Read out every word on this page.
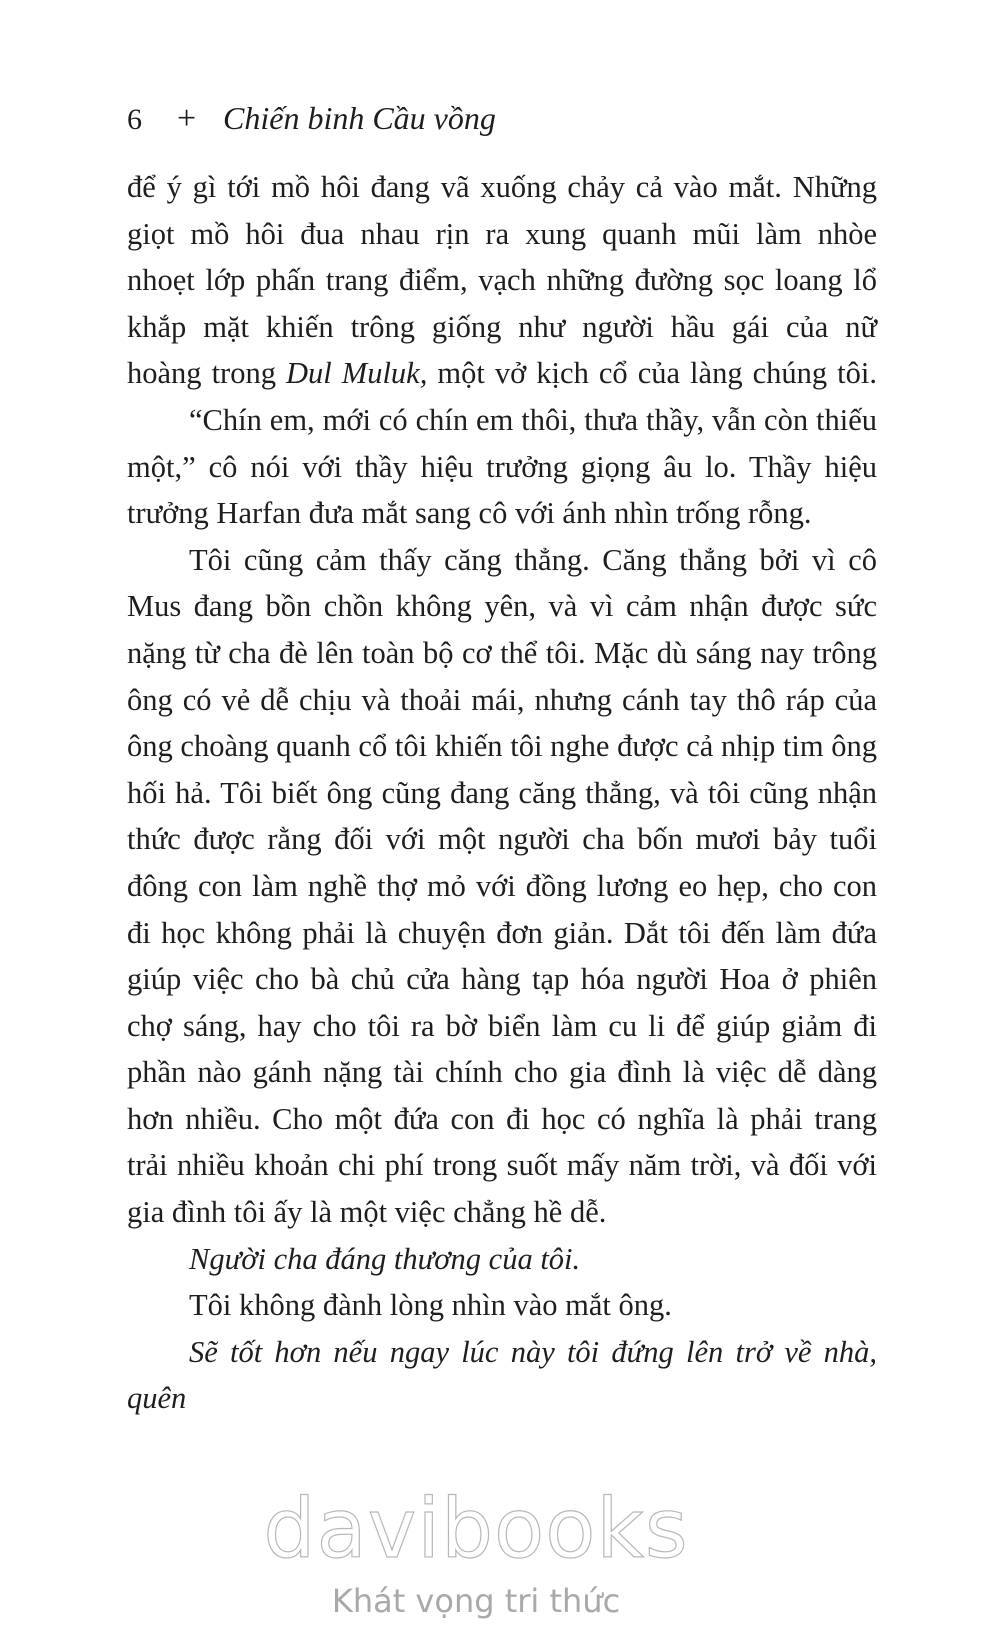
6	+ Chiến binh Cầu vồng

để ý gì tới mồ hôi đang vã xuống chảy cả vào mắt. Những

giọt mồ hôi đua nhau rịn ra xung quanh mũi làm nhòe

nhoẹt lớp phấn trang điểm, vạch những đường sọc loang lổ

khắp mặt khiến trông giống như người hầu gái của nữ

hoàng trong Dul Muluk, một vở kịch cổ của làng chúng tôi.

“Chín em, mới có chín em thôi, thưa thầy, vẫn còn thiếu một,” cô nói với thầy hiệu trưởng giọng âu lo. Thầy hiệu trưởng Harfan đưa mắt sang cô với ánh nhìn trống rỗng.

Tôi cũng cảm thấy căng thẳng. Căng thẳng bởi vì cô Mus đang bồn chồn không yên, và vì cảm nhận được sức nặng từ cha đè lên toàn bộ cơ thể tôi. Mặc dù sáng nay trông ông có vẻ dễ chịu và thoải mái, nhưng cánh tay thô ráp của ông choàng quanh cổ tôi khiến tôi nghe được cả nhịp tim ông hối hả. Tôi biết ông cũng đang căng thẳng, và tôi cũng nhận thức được rằng đối với một người cha bốn mươi bảy tuổi đông con làm nghề thợ mỏ với đồng lương eo hẹp, cho con đi học không phải là chuyện đơn giản. Dắt tôi đến làm đứa giúp việc cho bà chủ cửa hàng tạp hóa người Hoa ở phiên chợ sáng, hay cho tôi ra bờ biển làm cu li để giúp giảm đi phần nào gánh nặng tài chính cho gia đình là việc dễ dàng hơn nhiều. Cho một đứa con đi học có nghĩa là phải trang trải nhiều khoản chi phí trong suốt mấy năm trời, và đối với gia đình tôi ấy là một việc chẳng hề dễ.

Người cha đáng thương của tôi.

Tôi không đành lòng nhìn vào mắt ông.

Sẽ tốt hơn nếu ngay lúc này tôi đứng lên trở về nhà, quên

davibooks
Khát vọng tri thức
